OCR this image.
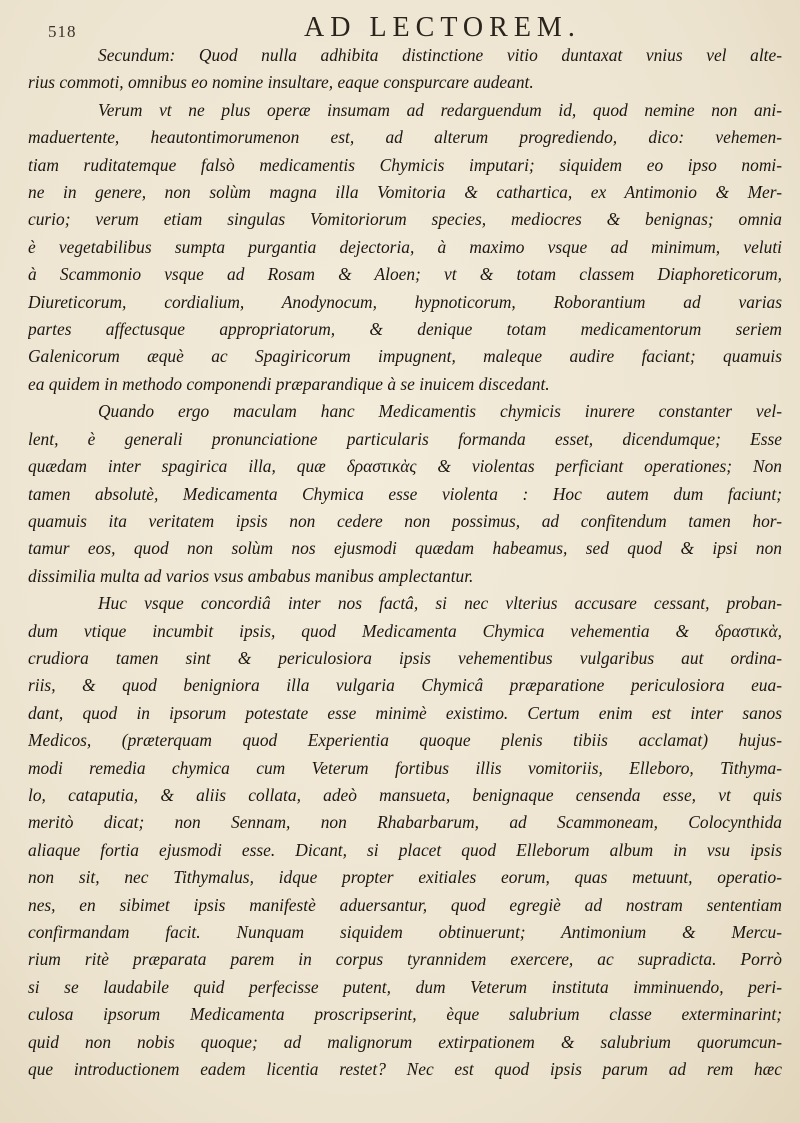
518	AD LECTOREM.
Secundum: Quod nulla adhibita distinctione vitio duntaxat vnius vel alte-
rius commoti, omnibus eo nomine insultare, eaque conspurcare audeant.
Verum vt ne plus operæ insumam ad redarguendum id, quod nemine non ani-
maduertente, heautontimorumenon est, ad alterum progrediendo, dico: vehemen-
tiam ruditatemque falsò medicamentis Chymicis imputari; siquidem eo ipso nomi-
ne in genere, non solùm magna illa Vomitoria & cathartica, ex Antimonio & Mer-
curio; verum etiam singulas Vomitoriorum species, mediocres & benignas; omnia
è vegetabilibus sumpta purgantia dejectoria, à maximo vsque ad minimum, veluti
à Scammonio vsque ad Rosam & Aloen; vt & totam classem Diaphoreticorum,
Diureticorum, cordialium, Anodynocum, hypnoticorum, Roborantium ad varias
partes affectusque appropriatorum, & denique totam medicamentorum seriem
Galenicorum æquè ac Spagiricorum impugnent, maleque audire faciant; quamuis
ea quidem in methodo componendi præparandique à se inuicem discedant.
Quando ergo maculam hanc Medicamentis chymicis inurere constanter vel-
lent, è generali pronunciatione particularis formanda esset, dicendumque; Esse
quædam inter spagirica illa, quæ δραστικὰς & violentas perficiant operationes; Non
tamen absolutè, Medicamenta Chymica esse violenta : Hoc autem dum faciunt;
quamuis ita veritatem ipsis non cedere non possimus, ad confitendum tamen hor-
tamur eos, quod non solùm nos ejusmodi quædam habeamus, sed quod & ipsi non
dissimilia multa ad varios vsus ambabus manibus amplectantur.
Huc vsque concordiâ inter nos factâ, si nec vlterius accusare cessant, proban-
dum vtique incumbit ipsis, quod Medicamenta Chymica vehementia & δραστικὰ,
crudiora tamen sint & periculosiora ipsis vehementibus vulgaribus aut ordina-
riis, & quod benigniora illa vulgaria Chymicâ præparatione periculosiora eua-
dant, quod in ipsorum potestate esse minimè existimo. Certum enim est inter sanos
Medicos, (præterquam quod Experientia quoque plenis tibiis acclamat) hujus-
modi remedia chymica cum Veterum fortibus illis vomitoriis, Elleboro, Tithyma-
lo, cataputia, & aliis collata, adeò mansueta, benignaque censenda esse, vt quis
meritò dicat; non Sennam, non Rhabarbarum, ad Scammoneam, Colocynthida
aliaque fortia ejusmodi esse. Dicant, si placet quod Elleborum album in vsu ipsis
non sit, nec Tithymalus, idque propter exitiales eorum, quas metuunt, operatio-
nes, en sibimet ipsis manifestè aduersantur, quod egregiè ad nostram sententiam
confirmandam facit. Nunquam siquidem obtinuerunt; Antimonium & Mercu-
rium ritè præparata parem in corpus tyrannidem exercere, ac supradicta. Porrò
si se laudabile quid perfecisse putent, dum Veterum instituta imminuendo, peri-
culosa ipsorum Medicamenta proscripserint, èque salubrium classe exterminarint;
quid non nobis quoque; ad malignorum extirpationem & salubrium quorumcun-
que introductionem eadem licentia restet? Nec est quod ipsis parum ad rem hæc
